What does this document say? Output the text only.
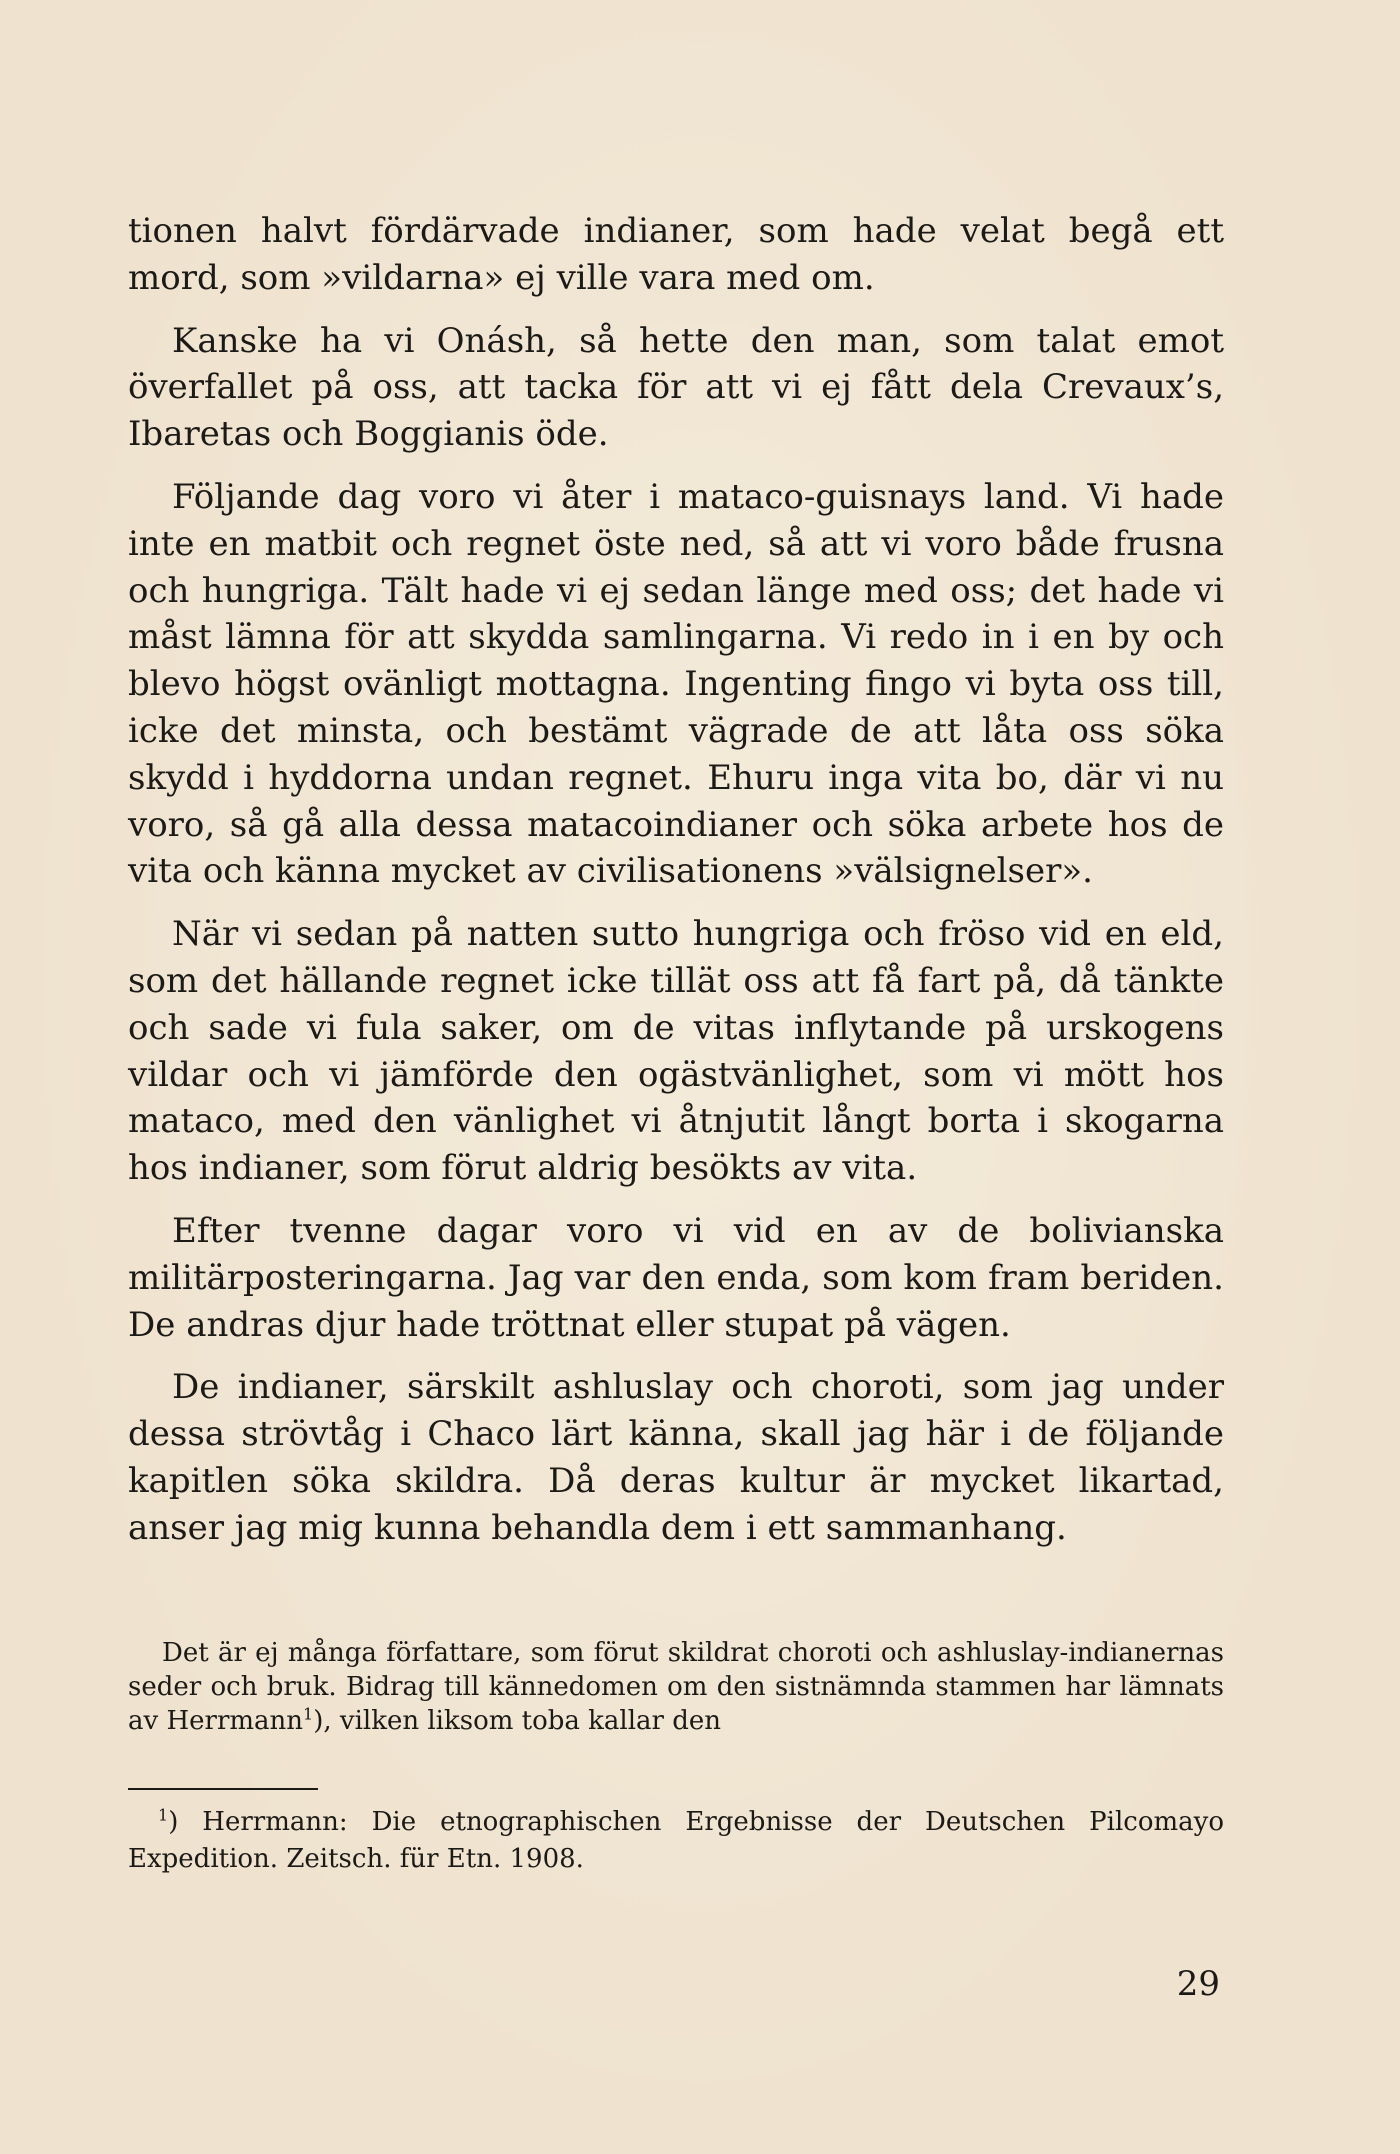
tionen halvt fördärvade indianer, som hade velat begå ett mord, som »vildarna» ej ville vara med om.

Kanske ha vi Onásh, så hette den man, som talat emot överfallet på oss, att tacka för att vi ej fått dela Crevaux’s, Ibaretas och Boggianis öde.

Följande dag voro vi åter i mataco-guisnays land. Vi hade inte en matbit och regnet öste ned, så att vi voro både frusna och hungriga. Tält hade vi ej sedan länge med oss; det hade vi måst lämna för att skydda samlingarna. Vi redo in i en by och blevo högst ovänligt mottagna. Ingenting fingo vi byta oss till, icke det minsta, och bestämt vägrade de att låta oss söka skydd i hyddorna undan regnet. Ehuru inga vita bo, där vi nu voro, så gå alla dessa matacoindianer och söka arbete hos de vita och känna mycket av civilisationens »välsignelser».

När vi sedan på natten sutto hungriga och fröso vid en eld, som det hällande regnet icke tillät oss att få fart på, då tänkte och sade vi fula saker, om de vitas inflytande på urskogens vildar och vi jämförde den ogästvänlighet, som vi mött hos mataco, med den vänlighet vi åtnjutit långt borta i skogarna hos indianer, som förut aldrig besökts av vita.

Efter tvenne dagar voro vi vid en av de bolivianska militärposteringarna. Jag var den enda, som kom fram beriden. De andras djur hade tröttnat eller stupat på vägen.

De indianer, särskilt ashluslay och choroti, som jag under dessa strövtåg i Chaco lärt känna, skall jag här i de följande kapitlen söka skildra. Då deras kultur är mycket likartad, anser jag mig kunna behandla dem i ett sammanhang.

Det är ej många författare, som förut skildrat choroti och ashluslay-indianernas seder och bruk. Bidrag till kännedomen om den sistnämnda stammen har lämnats av Herrmann$^1$), vilken liksom toba kallar den

$^1$) Herrmann: Die etnographischen Ergebnisse der Deutschen Pilcomayo Expedition. Zeitsch. für Etn. 1908.

29
